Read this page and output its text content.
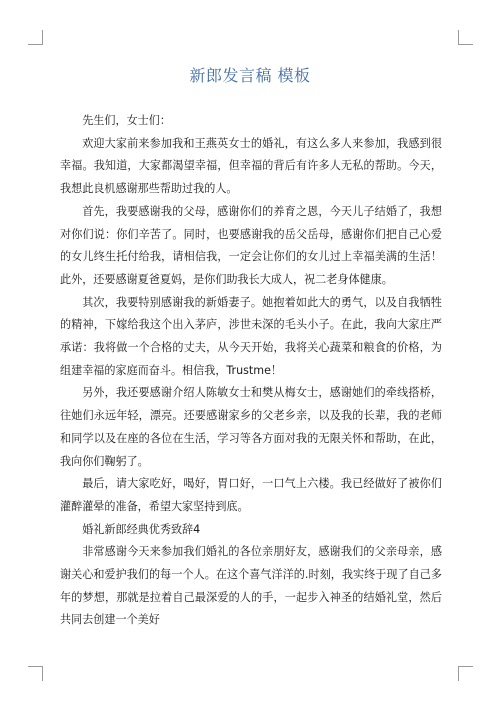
新郎发言稿 模板

先生们，女士们：

欢迎大家前来参加我和王燕英女士的婚礼，有这么多人来参加，我感到很幸福。我知道，大家都渴望幸福，但幸福的背后有许多人无私的帮助。今天，我想此良机感谢那些帮助过我的人。

首先，我要感谢我的父母，感谢你们的养育之恩，今天儿子结婚了，我想对你们说：你们辛苦了。同时，也要感谢我的岳父岳母，感谢你们把自己心爱的女儿终生托付给我，请相信我，一定会让你们的女儿过上幸福美满的生活！此外，还要感谢夏爸夏妈，是你们助我长大成人，祝二老身体健康。

其次，我要特别感谢我的新婚妻子。她抱着如此大的勇气，以及自我牺牲的精神，下嫁给我这个出入茅庐，涉世未深的毛头小子。在此，我向大家庄严承诺：我将做一个合格的丈夫，从今天开始，我将关心蔬菜和粮食的价格，为组建幸福的家庭而奋斗。相信我，Trustme！

另外，我还要感谢介绍人陈敏女士和樊从梅女士，感谢她们的牵线搭桥，往她们永远年轻，漂亮。还要感谢家乡的父老乡亲，以及我的长辈，我的老师和同学以及在座的各位在生活，学习等各方面对我的无限关怀和帮助，在此，我向你们鞠躬了。

最后，请大家吃好，喝好，胃口好，一口气上六楼。我已经做好了被你们灌醉灌晕的准备，希望大家坚持到底。

婚礼新郎经典优秀致辞4

非常感谢今天来参加我们婚礼的各位亲朋好友，感谢我们的父亲母亲，感谢关心和爱护我们的每一个人。在这个喜气洋洋的.时刻，我实终于现了自己多年的梦想，那就是拉着自己最深爱的人的手，一起步入神圣的结婚礼堂，然后共同去创建一个美好
